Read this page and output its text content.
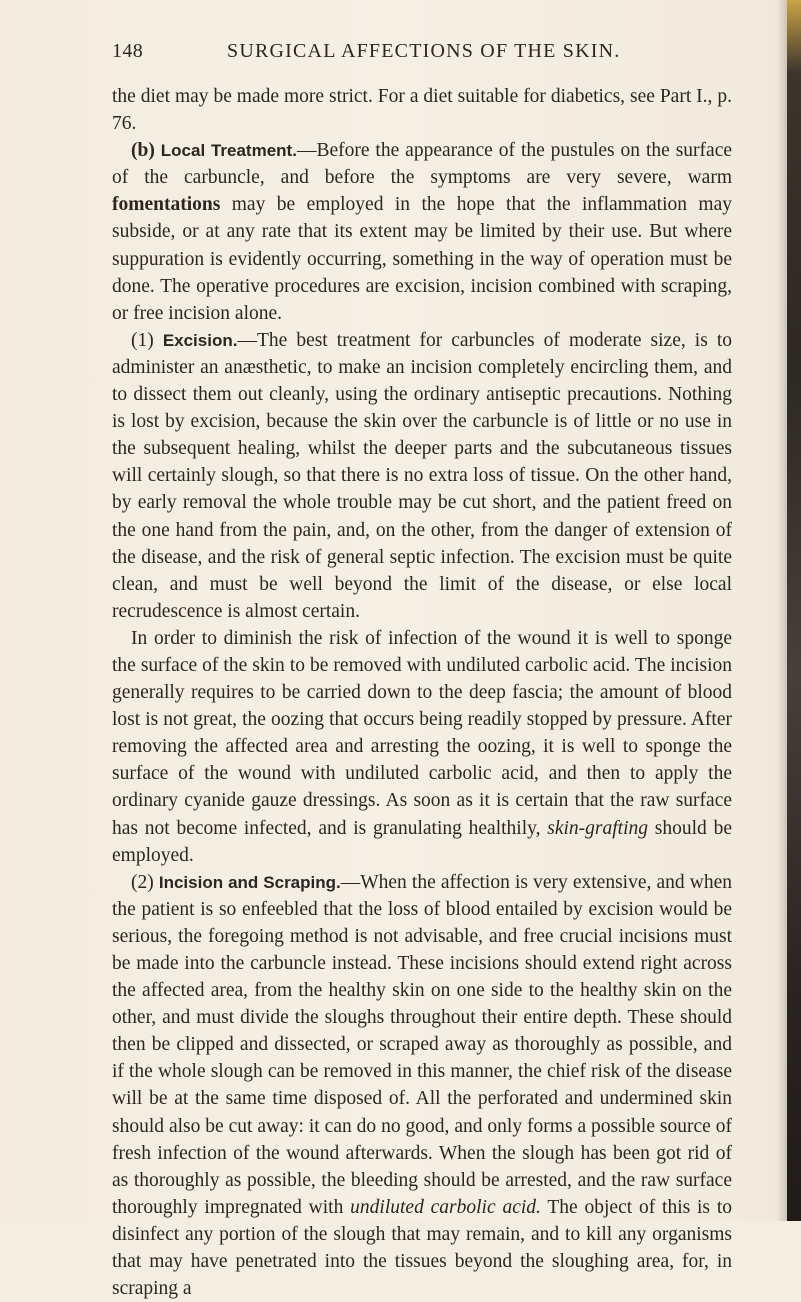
148	SURGICAL AFFECTIONS OF THE SKIN.

the diet may be made more strict. For a diet suitable for diabetics, see Part I., p. 76.

(b) Local Treatment.—Before the appearance of the pustules on the surface of the carbuncle, and before the symptoms are very severe, warm fomentations may be employed in the hope that the inflammation may subside, or at any rate that its extent may be limited by their use. But where suppuration is evidently occurring, something in the way of operation must be done. The operative procedures are excision, incision combined with scraping, or free incision alone.

(1) Excision.—The best treatment for carbuncles of moderate size, is to administer an anæsthetic, to make an incision completely encircling them, and to dissect them out cleanly, using the ordinary antiseptic precautions. Nothing is lost by excision, because the skin over the carbuncle is of little or no use in the subsequent healing, whilst the deeper parts and the subcutaneous tissues will certainly slough, so that there is no extra loss of tissue. On the other hand, by early removal the whole trouble may be cut short, and the patient freed on the one hand from the pain, and, on the other, from the danger of extension of the disease, and the risk of general septic infection. The excision must be quite clean, and must be well beyond the limit of the disease, or else local recrudescence is almost certain.

In order to diminish the risk of infection of the wound it is well to sponge the surface of the skin to be removed with undiluted carbolic acid. The incision generally requires to be carried down to the deep fascia; the amount of blood lost is not great, the oozing that occurs being readily stopped by pressure. After removing the affected area and arresting the oozing, it is well to sponge the surface of the wound with undiluted carbolic acid, and then to apply the ordinary cyanide gauze dressings. As soon as it is certain that the raw surface has not become infected, and is granulating healthily, skin-grafting should be employed.

(2) Incision and Scraping.—When the affection is very extensive, and when the patient is so enfeebled that the loss of blood entailed by excision would be serious, the foregoing method is not advisable, and free crucial incisions must be made into the carbuncle instead. These incisions should extend right across the affected area, from the healthy skin on one side to the healthy skin on the other, and must divide the sloughs throughout their entire depth. These should then be clipped and dissected, or scraped away as thoroughly as possible, and if the whole slough can be removed in this manner, the chief risk of the disease will be at the same time disposed of. All the perforated and undermined skin should also be cut away: it can do no good, and only forms a possible source of fresh infection of the wound afterwards. When the slough has been got rid of as thoroughly as possible, the bleeding should be arrested, and the raw surface thoroughly impregnated with undiluted carbolic acid. The object of this is to disinfect any portion of the slough that may remain, and to kill any organisms that may have penetrated into the tissues beyond the sloughing area, for, in scraping a
